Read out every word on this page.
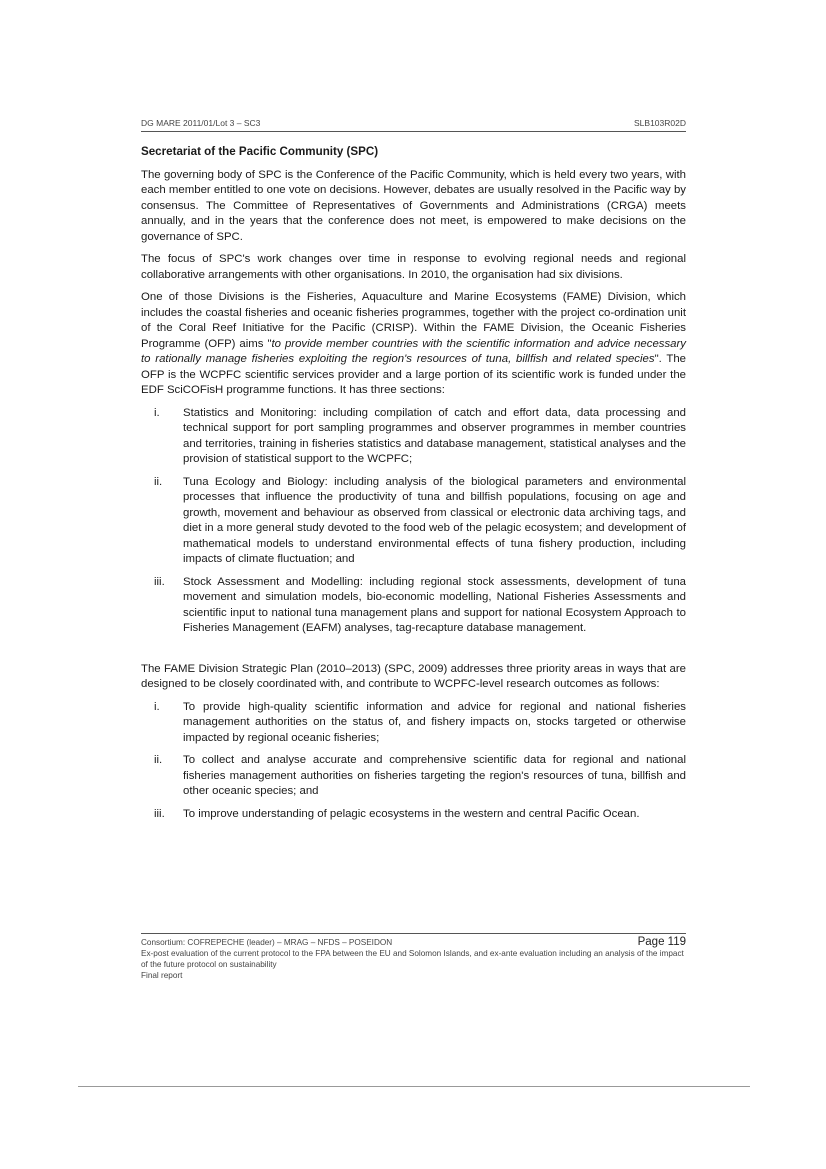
DG MARE 2011/01/Lot 3 – SC3	SLB103R02D
Secretariat of the Pacific Community (SPC)

The governing body of SPC is the Conference of the Pacific Community, which is held every two years, with each member entitled to one vote on decisions. However, debates are usually resolved in the Pacific way by consensus. The Committee of Representatives of Governments and Administrations (CRGA) meets annually, and in the years that the conference does not meet, is empowered to make decisions on the governance of SPC.

The focus of SPC's work changes over time in response to evolving regional needs and regional collaborative arrangements with other organisations. In 2010, the organisation had six divisions.

One of those Divisions is the Fisheries, Aquaculture and Marine Ecosystems (FAME) Division, which includes the coastal fisheries and oceanic fisheries programmes, together with the project co-ordination unit of the Coral Reef Initiative for the Pacific (CRISP). Within the FAME Division, the Oceanic Fisheries Programme (OFP) aims "to provide member countries with the scientific information and advice necessary to rationally manage fisheries exploiting the region's resources of tuna, billfish and related species". The OFP is the WCPFC scientific services provider and a large portion of its scientific work is funded under the EDF SciCOFisH programme functions. It has three sections:

i.	Statistics and Monitoring: including compilation of catch and effort data, data processing and technical support for port sampling programmes and observer programmes in member countries and territories, training in fisheries statistics and database management, statistical analyses and the provision of statistical support to the WCPFC;
ii.	Tuna Ecology and Biology: including analysis of the biological parameters and environmental processes that influence the productivity of tuna and billfish populations, focusing on age and growth, movement and behaviour as observed from classical or electronic data archiving tags, and diet in a more general study devoted to the food web of the pelagic ecosystem; and development of mathematical models to understand environmental effects of tuna fishery production, including impacts of climate fluctuation; and
iii.	Stock Assessment and Modelling: including regional stock assessments, development of tuna movement and simulation models, bio-economic modelling, National Fisheries Assessments and scientific input to national tuna management plans and support for national Ecosystem Approach to Fisheries Management (EAFM) analyses, tag-recapture database management.

The FAME Division Strategic Plan (2010–2013) (SPC, 2009) addresses three priority areas in ways that are designed to be closely coordinated with, and contribute to WCPFC-level research outcomes as follows:

i.	To provide high-quality scientific information and advice for regional and national fisheries management authorities on the status of, and fishery impacts on, stocks targeted or otherwise impacted by regional oceanic fisheries;
ii.	To collect and analyse accurate and comprehensive scientific data for regional and national fisheries management authorities on fisheries targeting the region's resources of tuna, billfish and other oceanic species; and
iii.	To improve understanding of pelagic ecosystems in the western and central Pacific Ocean.
Consortium: COFREPECHE (leader) – MRAG – NFDS – POSEIDON	Page 119
Ex-post evaluation of the current protocol to the FPA between the EU and Solomon Islands, and ex-ante evaluation including an analysis of the impact of the future protocol on sustainability
Final report
